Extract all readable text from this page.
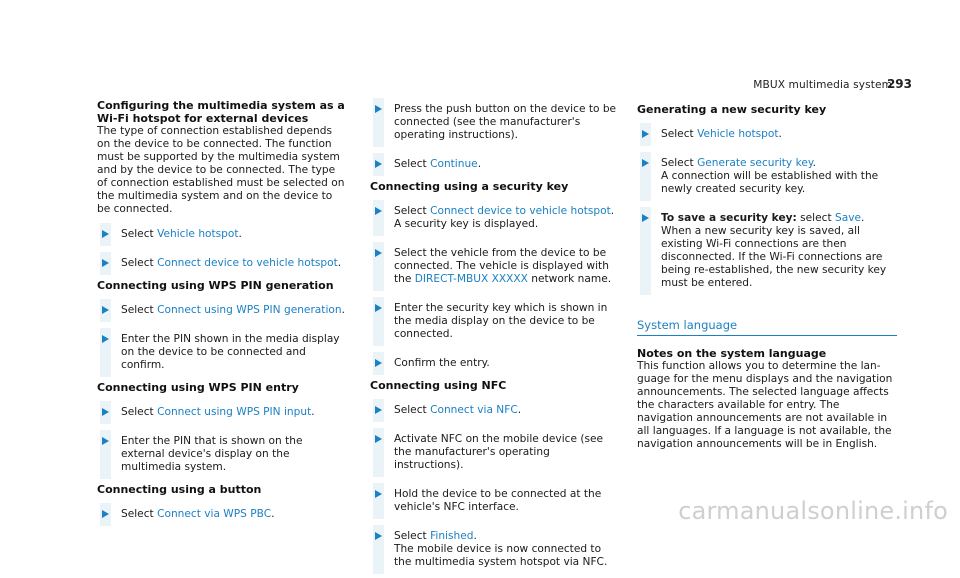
MBUX multimedia system
293
Configuring the multimedia system as a Wi-Fi hotspot for external devices

The type of connection established depends on the device to be connected. The function must be supported by the multimedia system and by the device to be connected. The type of connection established must be selected on the multimedia system and on the device to be connected.

Select Vehicle hotspot.
Select Connect device to vehicle hotspot.
Connecting using WPS PIN generation
Select Connect using WPS PIN generation.
Enter the PIN shown in the media display on the device to be connected and confirm.
Connecting using WPS PIN entry
Select Connect using WPS PIN input.
Enter the PIN that is shown on the external device's display on the multimedia system.
Connecting using a button
Select Connect via WPS PBC.
Press the push button on the device to be connected (see the manufacturer's operating instructions).
Select Continue.
Connecting using a security key
Select Connect device to vehicle hotspot.
A security key is displayed.
Select the vehicle from the device to be connected. The vehicle is displayed with the DIRECT-MBUX XXXXX network name.
Enter the security key which is shown in the media display on the device to be connected.
Confirm the entry.
Connecting using NFC
Select Connect via NFC.
Activate NFC on the mobile device (see the manufacturer's operating instructions).
Hold the device to be connected at the vehicle's NFC interface.
Select Finished.
The mobile device is now connected to the multimedia system hotspot via NFC.
Generating a new security key
Select Vehicle hotspot.
Select Generate security key.
A connection will be established with the newly created security key.
To save a security key: select Save.
When a new security key is saved, all existing Wi-Fi connections are then disconnected. If the Wi-Fi connections are being re-established, the new security key must be entered.
System language
Notes on the system language

This function allows you to determine the language for the menu displays and the navigation announcements. The selected language affects the characters available for entry. The navigation announcements are not available in all languages. If a language is not available, the navigation announcements will be in English.

carmanualsonline.info
